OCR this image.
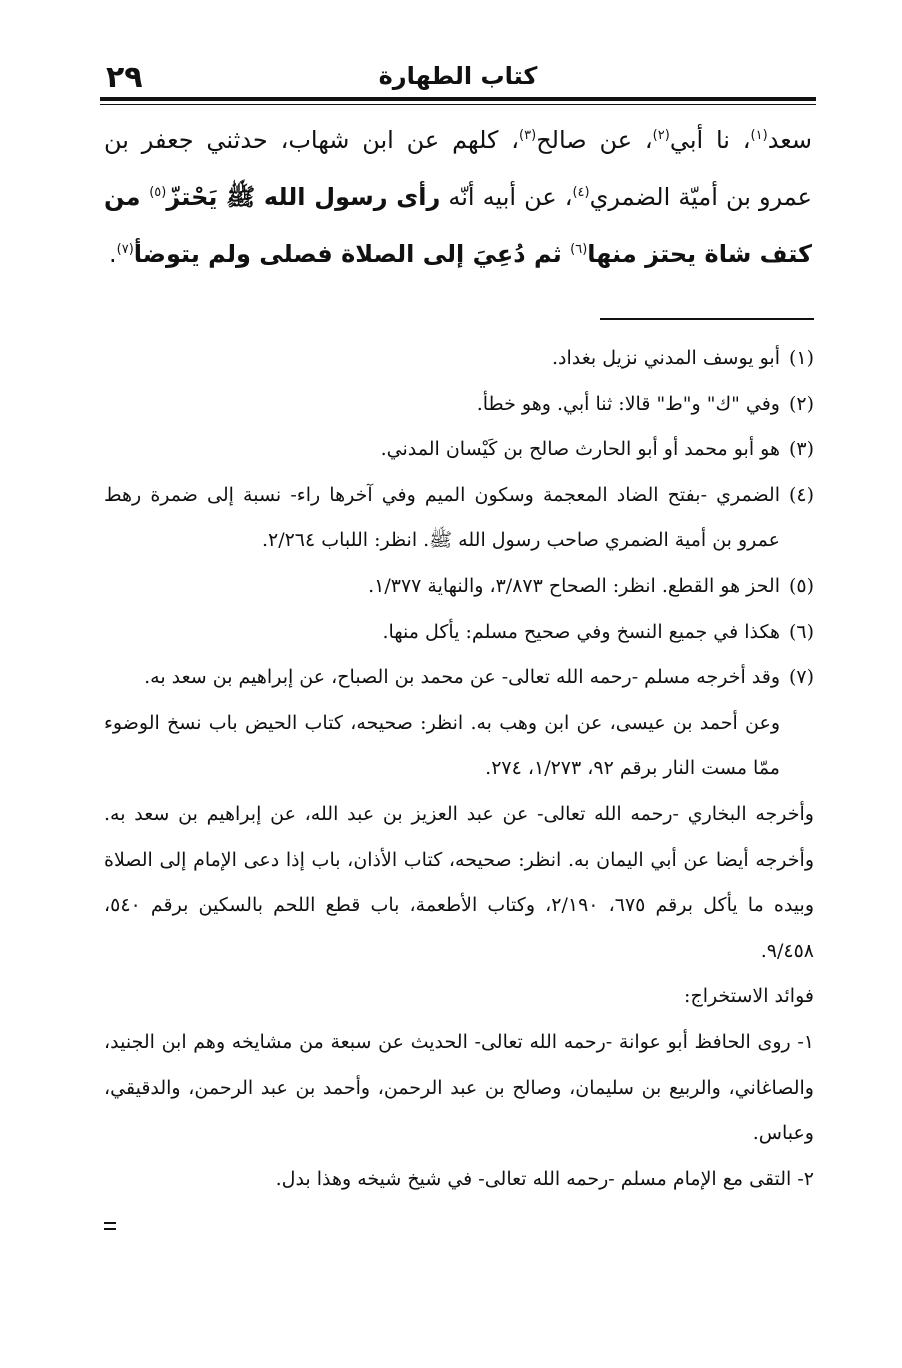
٢٩	كتاب الطهارة

سعد$^{(١)}$، نا أبي$^{(٢)}$، عن صالح$^{(٣)}$، كلهم عن ابن شهاب، حدثني جعفر بن عمرو بن أميّة الضمري$^{(٤)}$، عن أبيه أنّه رأى رسول الله ﷺ يَحْتزّ$^{(٥)}$ من كتف شاة يحتز منها$^{(٦)}$ ثم دُعِيَ إلى الصلاة فصلى ولم يتوضأ$^{(٧)}$.

(١)
أبو يوسف المدني نزيل بغداد.
(٢)
وفي "ك" و"ط" قالا: ثنا أبي. وهو خطأ.
(٣)
هو أبو محمد أو أبو الحارث صالح بن كَيْسان المدني.
(٤)
الضمري -بفتح الضاد المعجمة وسكون الميم وفي آخرها راء- نسبة إلى ضمرة رهط عمرو بن أمية الضمري صاحب رسول الله ﷺ. انظر: اللباب ٢/٢٦٤.
(٥)
الحز هو القطع. انظر: الصحاح ٣/٨٧٣، والنهاية ١/٣٧٧.
(٦)
هكذا في جميع النسخ وفي صحيح مسلم: يأكل منها.
(٧)
وقد أخرجه مسلم -رحمه الله تعالى- عن محمد بن الصباح، عن إبراهيم بن سعد به.

وعن أحمد بن عيسى، عن ابن وهب به. انظر: صحيحه، كتاب الحيض باب نسخ الوضوء ممّا مست النار برقم ٩٢، ١/٢٧٣، ٢٧٤.

وأخرجه البخاري -رحمه الله تعالى- عن عبد العزيز بن عبد الله، عن إبراهيم بن سعد به. وأخرجه أيضا عن أبي اليمان به. انظر: صحيحه، كتاب الأذان، باب إذا دعى الإمام إلى الصلاة وبيده ما يأكل برقم ٦٧٥، ٢/١٩٠، وكتاب الأطعمة، باب قطع اللحم بالسكين برقم ٥٤٠، ٩/٤٥٨.

فوائد الاستخراج:

١- روى الحافظ أبو عوانة -رحمه الله تعالى- الحديث عن سبعة من مشايخه وهم ابن الجنيد، والصاغاني، والربيع بن سليمان، وصالح بن عبد الرحمن، وأحمد بن عبد الرحمن، والدقيقي، وعباس.

٢- التقى مع الإمام مسلم -رحمه الله تعالى- في شيخ شيخه وهذا بدل.
